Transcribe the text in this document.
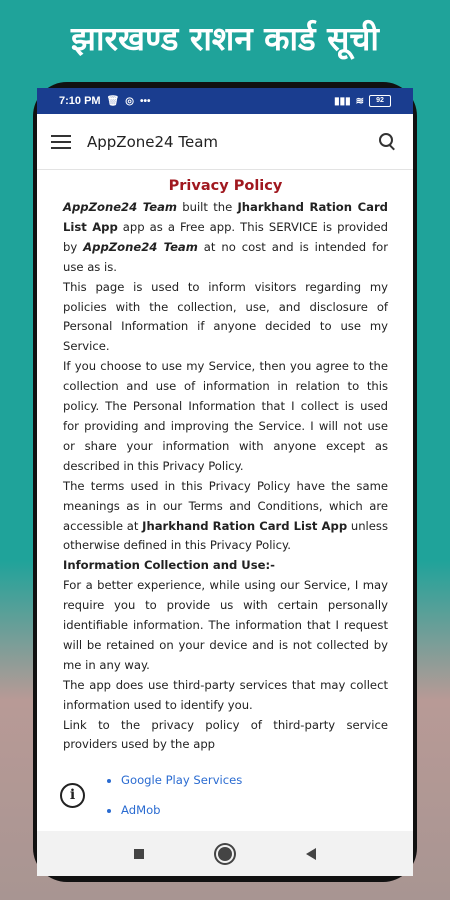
झारखण्ड राशन कार्ड सूची
7:10 PM 🗑 ◎ •••	▮▮▮ ≋	92
AppZone24 Team
Privacy Policy

AppZone24 Team built the Jharkhand Ration Card List App app as a Free app. This SERVICE is provided by AppZone24 Team at no cost and is intended for use as is.

This page is used to inform visitors regarding my policies with the collection, use, and disclosure of Personal Information if anyone decided to use my Service.

If you choose to use my Service, then you agree to the collection and use of information in relation to this policy. The Personal Information that I collect is used for providing and improving the Service. I will not use or share your information with anyone except as described in this Privacy Policy.

The terms used in this Privacy Policy have the same meanings as in our Terms and Conditions, which are accessible at Jharkhand Ration Card List App unless otherwise defined in this Privacy Policy.

Information Collection and Use:-

For a better experience, while using our Service, I may require you to provide us with certain personally identifiable information. The information that I request will be retained on your device and is not collected by me in any way.

The app does use third-party services that may collect information used to identify you.

Link to the privacy policy of third-party service providers used by the app

• Google Play Services
• AdMob
•
i
